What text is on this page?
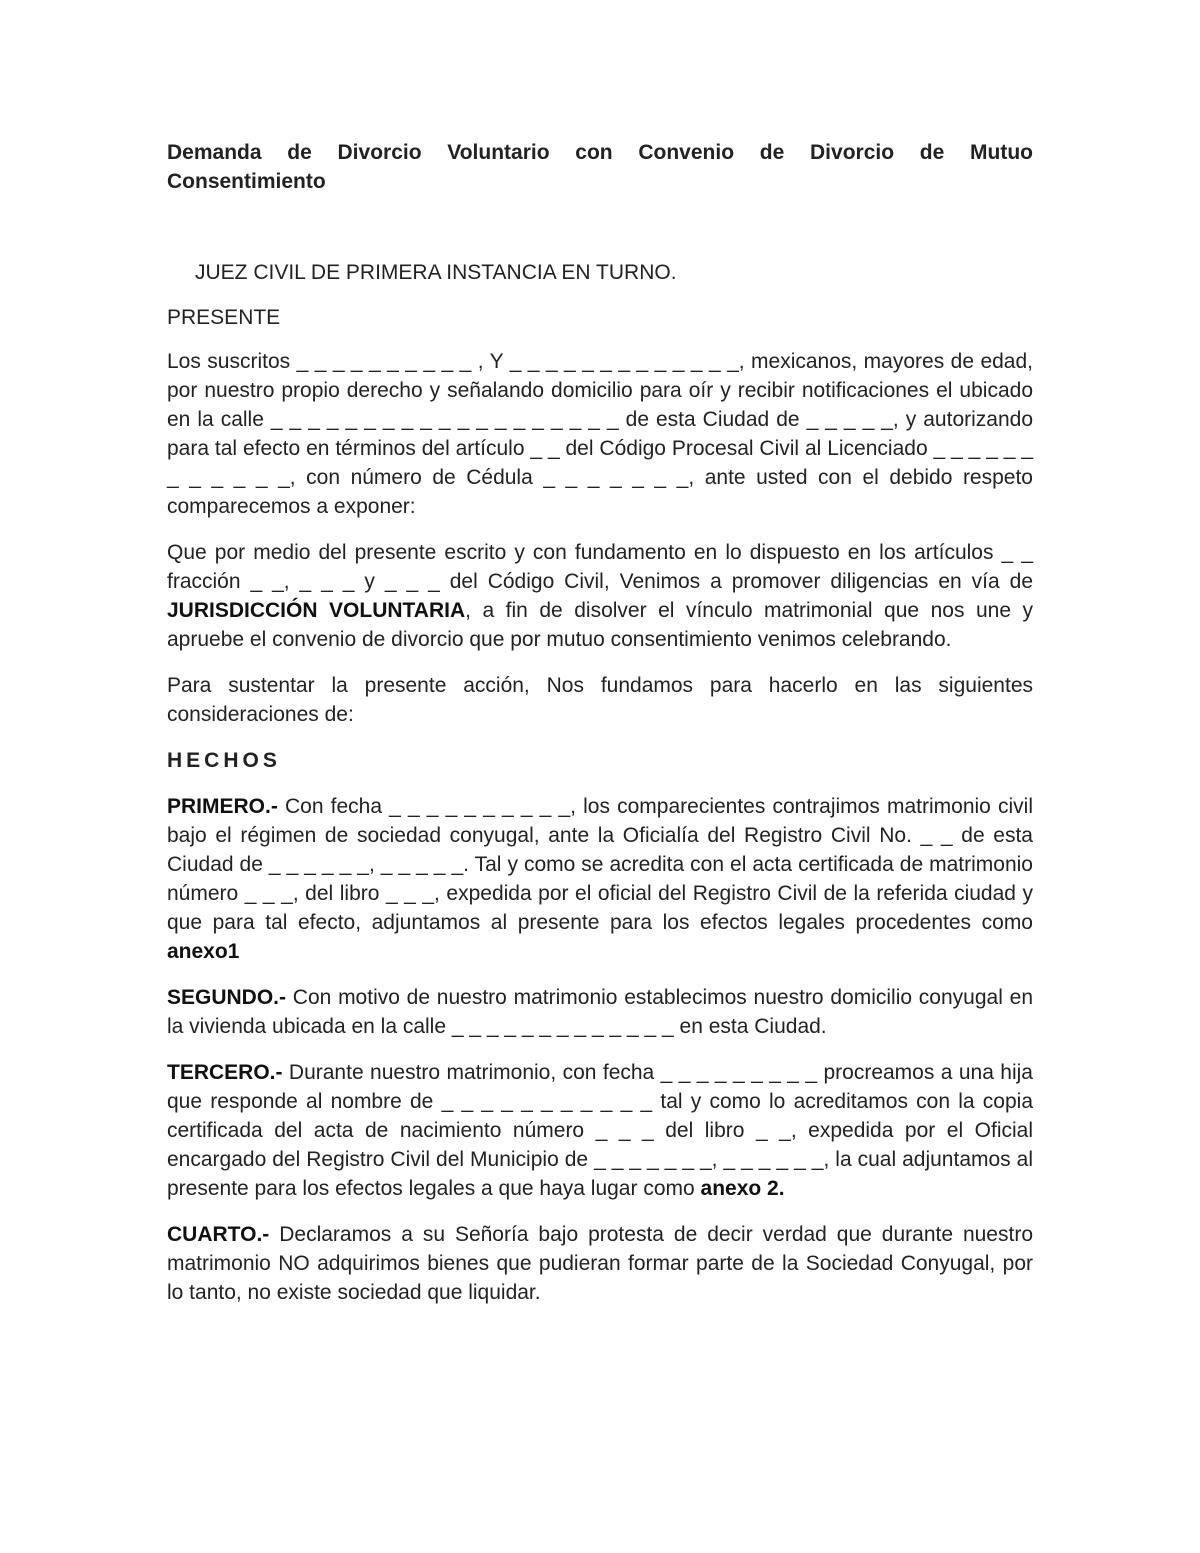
Demanda de Divorcio Voluntario con Convenio de Divorcio de Mutuo
Consentimiento

JUEZ CIVIL DE PRIMERA INSTANCIA EN TURNO.

PRESENTE

Los suscritos _ _ _ _ _ _ _ _ _ _ , Y _ _ _ _ _ _ _ _ _ _ _ _ _, mexicanos, mayores de edad, por nuestro propio derecho y señalando domicilio para oír y recibir notificaciones el ubicado en la calle _ _ _ _ _ _ _ _ _ _ _ _ _ _ _ _ _ _ _ de esta Ciudad de _ _ _ _ _, y autorizando para tal efecto en términos del artículo _ _ del Código Procesal Civil al Licenciado _ _ _ _ _ _ _ _ _ _ _ _, con número de Cédula _ _ _ _ _ _ _, ante usted con el debido respeto comparecemos a exponer:

Que por medio del presente escrito y con fundamento en lo dispuesto en los artículos _ _ fracción _ _, _ _ _ y _ _ _ del Código Civil, Venimos a promover diligencias en vía de JURISDICCIÓN VOLUNTARIA, a fin de disolver el vínculo matrimonial que nos une y apruebe el convenio de divorcio que por mutuo consentimiento venimos celebrando.

Para sustentar la presente acción, Nos fundamos para hacerlo en las siguientes consideraciones de:

HECHOS

PRIMERO.- Con fecha _ _ _ _ _ _ _ _ _ _, los comparecientes contrajimos matrimonio civil bajo el régimen de sociedad conyugal, ante la Oficialía del Registro Civil No. _ _ de esta Ciudad de _ _ _ _ _ _, _ _ _ _ _. Tal y como se acredita con el acta certificada de matrimonio número _ _ _, del libro _ _ _, expedida por el oficial del Registro Civil de la referida ciudad y que para tal efecto, adjuntamos al presente para los efectos legales procedentes como anexo1

SEGUNDO.- Con motivo de nuestro matrimonio establecimos nuestro domicilio conyugal en la vivienda ubicada en la calle _ _ _ _ _ _ _ _ _ _ _ _ _ en esta Ciudad.

TERCERO.- Durante nuestro matrimonio, con fecha _ _ _ _ _ _ _ _ _ procreamos a una hija que responde al nombre de _ _ _ _ _ _ _ _ _ _ _ tal y como lo acreditamos con la copia certificada del acta de nacimiento número _ _ _ del libro _ _, expedida por el Oficial encargado del Registro Civil del Municipio de _ _ _ _ _ _ _, _ _ _ _ _ _, la cual adjuntamos al presente para los efectos legales a que haya lugar como anexo 2.

CUARTO.- Declaramos a su Señoría bajo protesta de decir verdad que durante nuestro matrimonio NO adquirimos bienes que pudieran formar parte de la Sociedad Conyugal, por lo tanto, no existe sociedad que liquidar.
